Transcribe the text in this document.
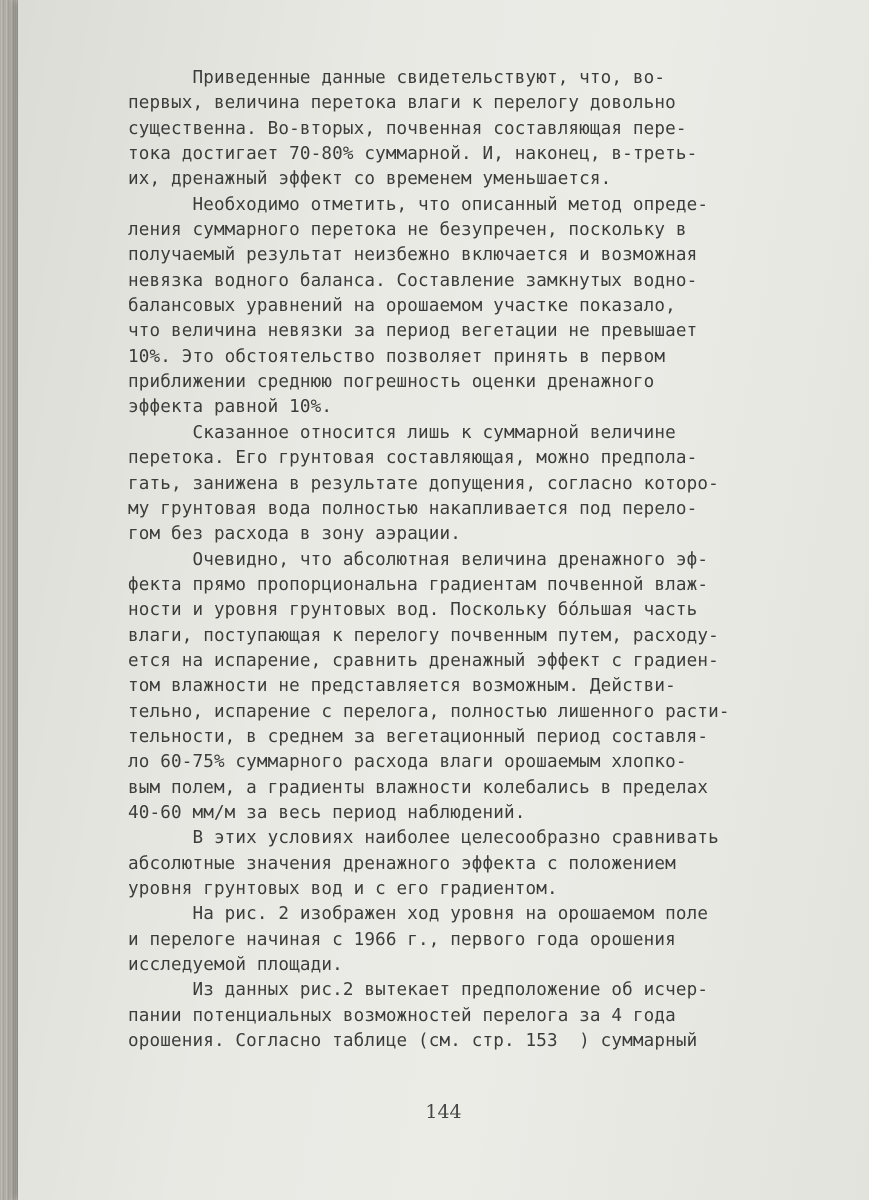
Приведенные данные свидетельствуют, что, во-
первых, величина перетока влаги к перелогу довольно
существенна. Во-вторых, почвенная составляющая пере-
тока достигает 70-80% суммарной. И, наконец, в-треть-
их, дренажный эффект со временем уменьшается.
Необходимо отметить, что описанный метод опреде-
ления суммарного перетока не безупречен, поскольку в
получаемый результат неизбежно включается и возможная
невязка водного баланса. Составление замкнутых водно-
балансовых уравнений на орошаемом участке показало,
что величина невязки за период вегетации не превышает
10%. Это обстоятельство позволяет принять в первом
приближении среднюю погрешность оценки дренажного
эффекта равной 10%.
Сказанное относится лишь к суммарной величине
перетока. Его грунтовая составляющая, можно предпола-
гать, занижена в результате допущения, согласно которо-
му грунтовая вода полностью накапливается под перело-
гом без расхода в зону аэрации.
Очевидно, что абсолютная величина дренажного эф-
фекта прямо пропорциональна градиентам почвенной влаж-
ности и уровня грунтовых вод. Поскольку бо́льшая часть
влаги, поступающая к перелогу почвенным путем, расходу-
ется на испарение, сравнить дренажный эффект с градиен-
том влажности не представляется возможным. Действи-
тельно, испарение с перелога, полностью лишенного расти-
тельности, в среднем за вегетационный период составля-
ло 60-75% суммарного расхода влаги орошаемым хлопко-
вым полем, а градиенты влажности колебались в пределах
40-60 мм/м за весь период наблюдений.
В этих условиях наиболее целесообразно сравнивать
абсолютные значения дренажного эффекта с положением
уровня грунтовых вод и с его градиентом.
На рис. 2 изображен ход уровня на орошаемом поле
и перелоге начиная с 1966 г., первого года орошения
исследуемой площади.
Из данных рис.2 вытекает предположение об исчер-
пании потенциальных возможностей перелога за 4 года
орошения. Согласно таблице (см. стр. 153  ) суммарный
144
